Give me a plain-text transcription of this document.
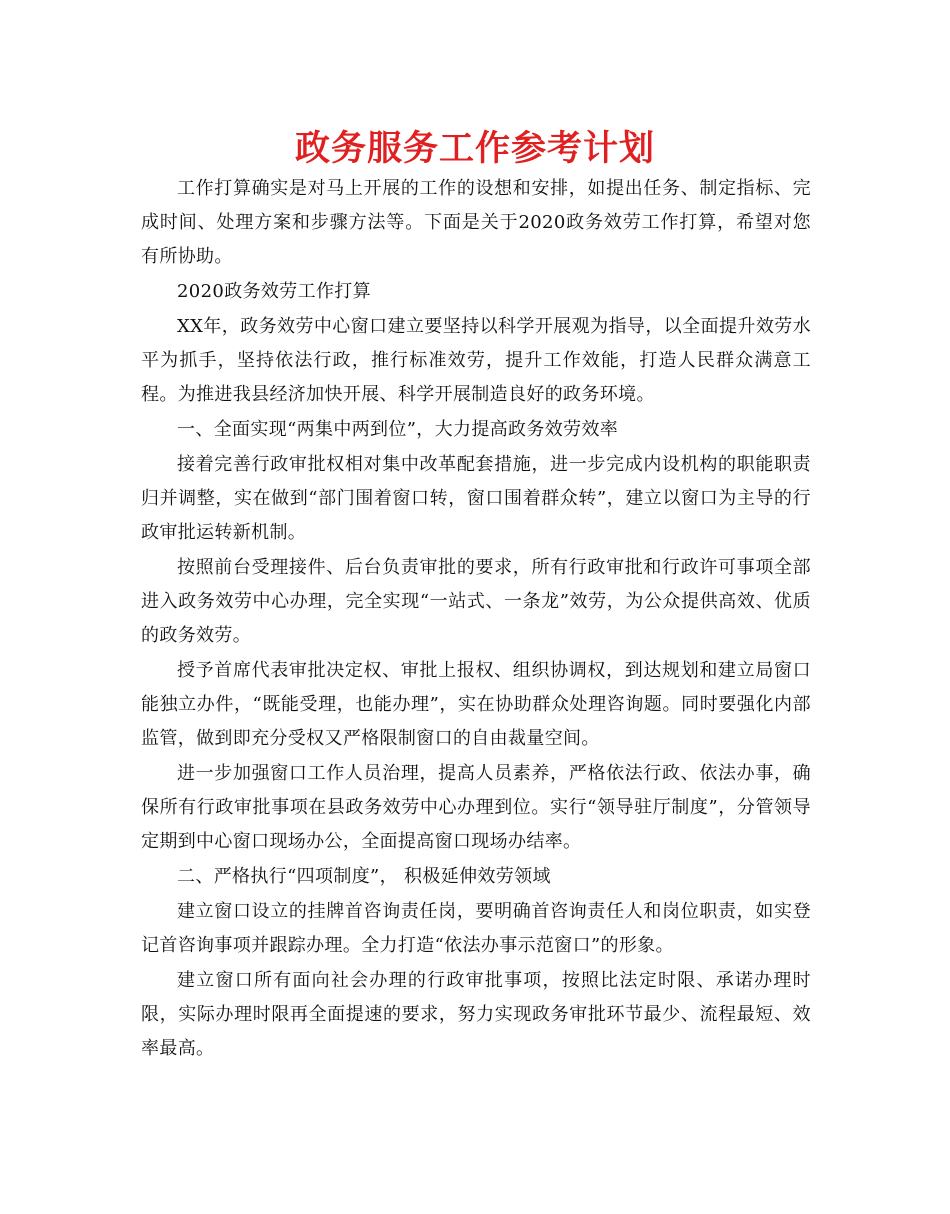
政务服务工作参考计划

工作打算确实是对马上开展的工作的设想和安排，如提出任务、制定指标、完成时间、处理方案和步骤方法等。下面是关于2020政务效劳工作打算，希望对您有所协助。

2020政务效劳工作打算

XX年，政务效劳中心窗口建立要坚持以科学开展观为指导，以全面提升效劳水平为抓手，坚持依法行政，推行标准效劳，提升工作效能，打造人民群众满意工程。为推进我县经济加快开展、科学开展制造良好的政务环境。

一、全面实现“两集中两到位”，大力提高政务效劳效率

接着完善行政审批权相对集中改革配套措施，进一步完成内设机构的职能职责归并调整，实在做到“部门围着窗口转，窗口围着群众转”，建立以窗口为主导的行政审批运转新机制。

按照前台受理接件、后台负责审批的要求，所有行政审批和行政许可事项全部进入政务效劳中心办理，完全实现“一站式、一条龙”效劳，为公众提供高效、优质的政务效劳。

授予首席代表审批决定权、审批上报权、组织协调权，到达规划和建立局窗口能独立办件，“既能受理，也能办理”，实在协助群众处理咨询题。同时要强化内部监管，做到即充分受权又严格限制窗口的自由裁量空间。

进一步加强窗口工作人员治理，提高人员素养，严格依法行政、依法办事，确保所有行政审批事项在县政务效劳中心办理到位。实行“领导驻厅制度”，分管领导定期到中心窗口现场办公，全面提高窗口现场办结率。

二、严格执行“四项制度”， 积极延伸效劳领域

建立窗口设立的挂牌首咨询责任岗，要明确首咨询责任人和岗位职责，如实登记首咨询事项并跟踪办理。全力打造“依法办事示范窗口”的形象。

建立窗口所有面向社会办理的行政审批事项，按照比法定时限、承诺办理时限，实际办理时限再全面提速的要求，努力实现政务审批环节最少、流程最短、效率最高。
